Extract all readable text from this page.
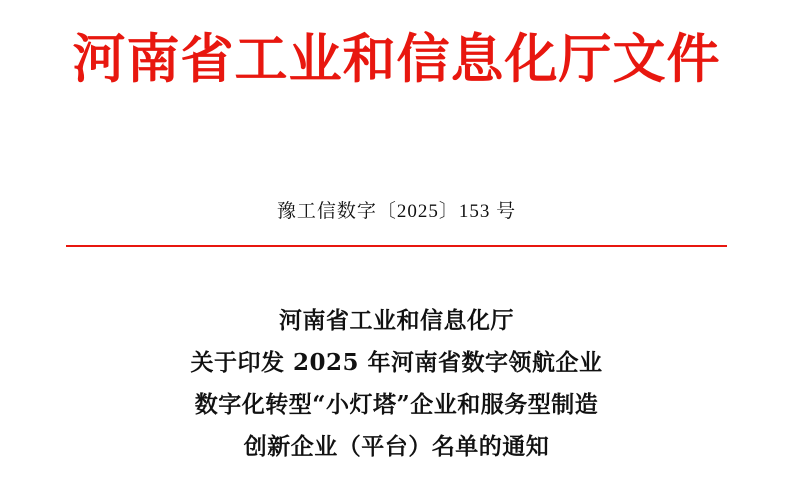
河南省工业和信息化厅文件
豫工信数字〔2025〕153 号
河南省工业和信息化厅
关于印发 2025 年河南省数字领航企业
数字化转型“小灯塔”企业和服务型制造
创新企业（平台）名单的通知
